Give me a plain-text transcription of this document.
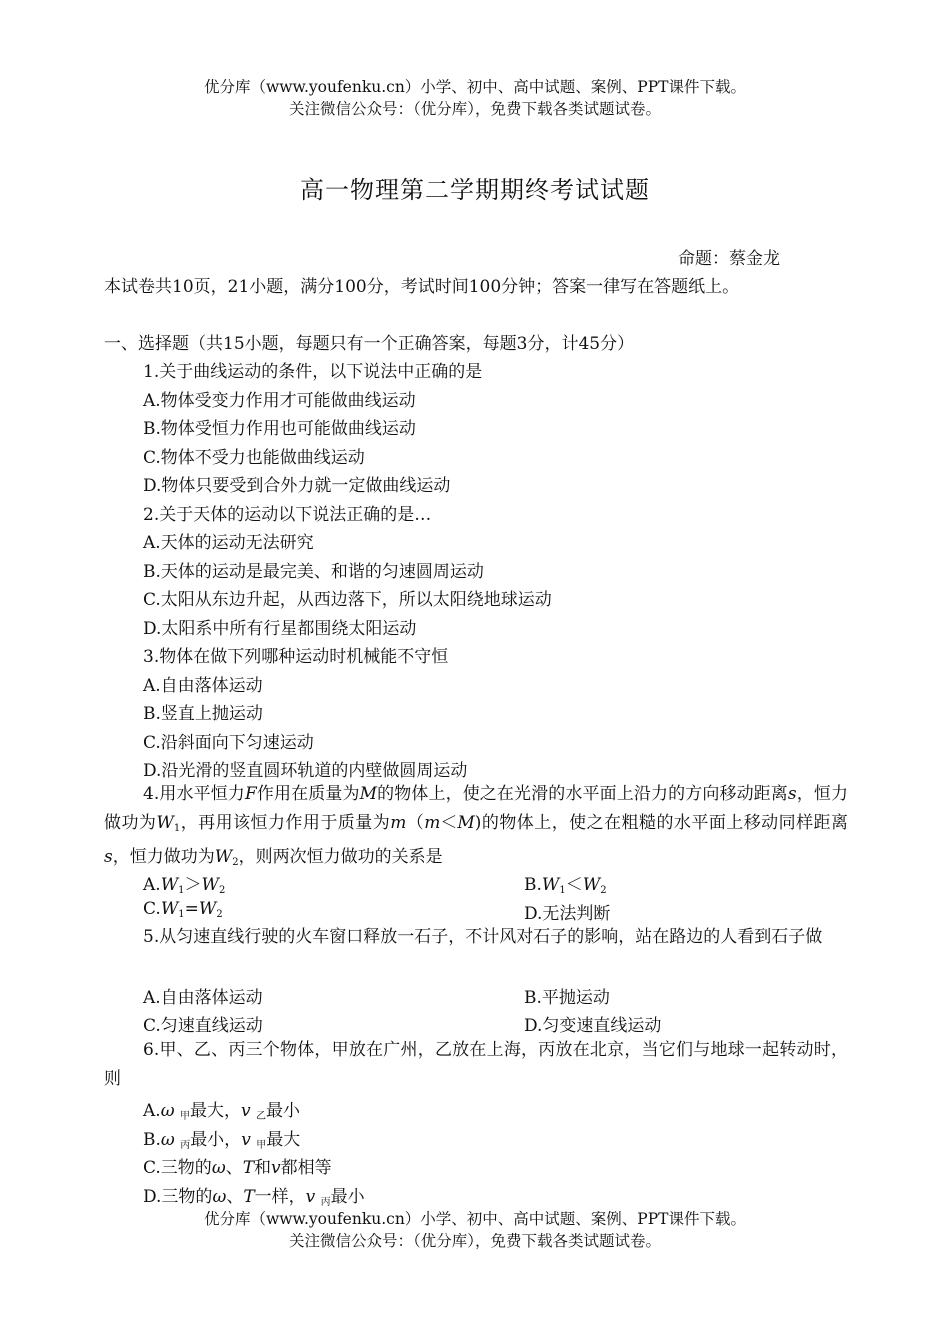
优分库（www.youfenku.cn）小学、初中、高中试题、案例、PPT课件下载。
关注微信公众号：（优分库），免费下载各类试题试卷。
高一物理第二学期期终考试试题
命题：蔡金龙
本试卷共10页，21小题，满分100分，考试时间100分钟；答案一律写在答题纸上。
一、选择题（共15小题，每题只有一个正确答案，每题3分，计45分）
1.关于曲线运动的条件，以下说法中正确的是
A.物体受变力作用才可能做曲线运动
B.物体受恒力作用也可能做曲线运动
C.物体不受力也能做曲线运动
D.物体只要受到合外力就一定做曲线运动
2.关于天体的运动以下说法正确的是…
A.天体的运动无法研究
B.天体的运动是最完美、和谐的匀速圆周运动
C.太阳从东边升起，从西边落下，所以太阳绕地球运动
D.太阳系中所有行星都围绕太阳运动
3.物体在做下列哪种运动时机械能不守恒
A.自由落体运动
B.竖直上抛运动
C.沿斜面向下匀速运动
D.沿光滑的竖直圆环轨道的内壁做圆周运动
4.用水平恒力F作用在质量为M的物体上，使之在光滑的水平面上沿力的方向移动距离s，恒力做功为$W_1$，再用该恒力作用于质量为m（m＜M)的物体上，使之在粗糙的水平面上移动同样距离s，恒力做功为$W_2$，则两次恒力做功的关系是
$A.W_1>W_2$	$B.W_1<W_2$
$C.W_1=W_2$	D.无法判断
5.从匀速直线行驶的火车窗口释放一石子，不计风对石子的影响，站在路边的人看到石子做
A.自由落体运动	B.平抛运动
C.匀速直线运动	D.匀变速直线运动
6.甲、乙、丙三个物体，甲放在广州，乙放在上海，丙放在北京，当它们与地球一起转动时，则
A.ω 甲最大，v 乙最小
B.ω 丙最小，v 甲最大
C.三物的ω、T和v都相等
D.三物的ω、T一样，v 丙最小
优分库（www.youfenku.cn）小学、初中、高中试题、案例、PPT课件下载。
关注微信公众号：（优分库），免费下载各类试题试卷。
